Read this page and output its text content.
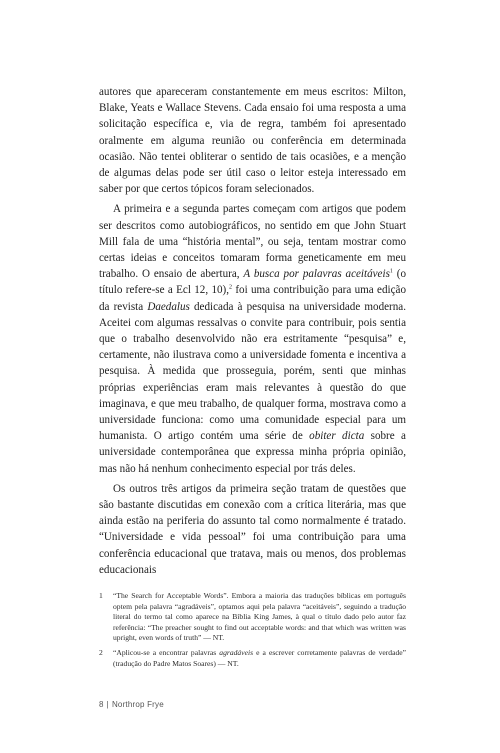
autores que apareceram constantemente em meus escritos: Milton, Blake, Yeats e Wallace Stevens. Cada ensaio foi uma resposta a uma solicitação específica e, via de regra, também foi apresentado oralmente em alguma reunião ou conferência em determinada ocasião. Não tentei obliterar o sentido de tais ocasiões, e a menção de algumas delas pode ser útil caso o leitor esteja interessado em saber por que certos tópicos foram selecionados.

A primeira e a segunda partes começam com artigos que podem ser descritos como autobiográficos, no sentido em que John Stuart Mill fala de uma “história mental”, ou seja, tentam mostrar como certas ideias e conceitos tomaram forma geneticamente em meu trabalho. O ensaio de abertura, A busca por palavras aceitáveis$^1$ (o título refere-se a Ecl 12, 10),$^2$ foi uma contribuição para uma edição da revista Daedalus dedicada à pesquisa na universidade moderna. Aceitei com algumas ressalvas o convite para contribuir, pois sentia que o trabalho desenvolvido não era estritamente “pesquisa” e, certamente, não ilustrava como a universidade fomenta e incentiva a pesquisa. À medida que prosseguia, porém, senti que minhas próprias experiências eram mais relevantes à questão do que imaginava, e que meu trabalho, de qualquer forma, mostrava como a universidade funciona: como uma comunidade especial para um humanista. O artigo contém uma série de obiter dicta sobre a universidade contemporânea que expressa minha própria opinião, mas não há nenhum conhecimento especial por trás deles.

Os outros três artigos da primeira seção tratam de questões que são bastante discutidas em conexão com a crítica literária, mas que ainda estão na periferia do assunto tal como normalmente é tratado. “Universidade e vida pessoal” foi uma contribuição para uma conferência educacional que tratava, mais ou menos, dos problemas educacionais

1	“The Search for Acceptable Words”. Embora a maioria das traduções bíblicas em português optem pela palavra “agradáveis”, optamos aqui pela palavra “aceitáveis”, seguindo a tradução literal do termo tal como aparece na Bíblia King James, à qual o título dado pelo autor faz referência: “The preacher sought to find out acceptable words: and that which was written was upright, even words of truth” — NT.
2	“Aplicou-se a encontrar palavras agradáveis e a escrever corretamente palavras de verdade” (tradução do Padre Matos Soares) — NT.
8 | Northrop Frye
